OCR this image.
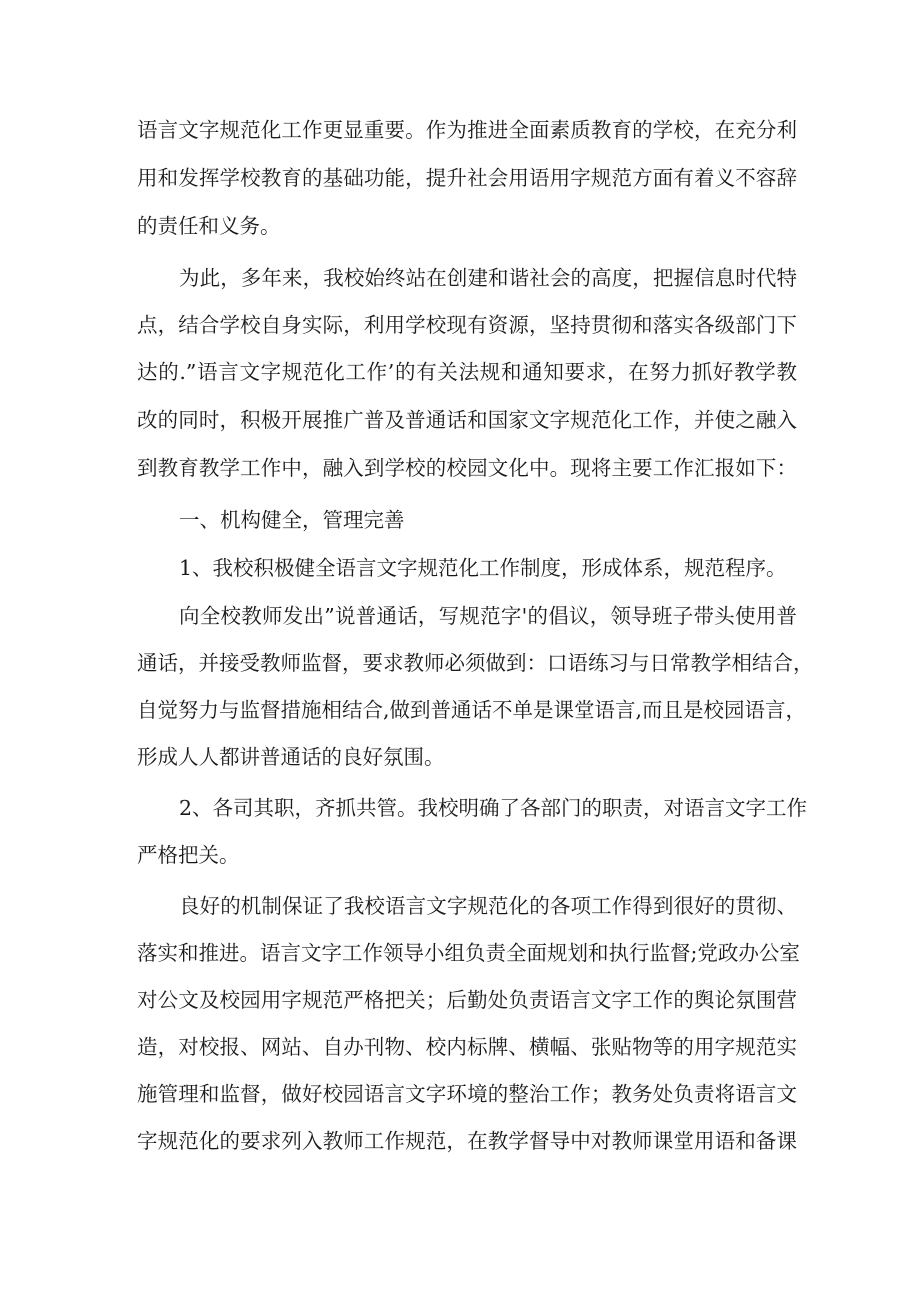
语言文字规范化工作更显重要。作为推进全面素质教育的学校，在充分利
用和发挥学校教育的基础功能，提升社会用语用字规范方面有着义不容辞
的责任和义务。
为此，多年来，我校始终站在创建和谐社会的高度，把握信息时代特
点，结合学校自身实际，利用学校现有资源，坚持贯彻和落实各级部门下
达的.”语言文字规范化工作’的有关法规和通知要求，在努力抓好教学教
改的同时，积极开展推广普及普通话和国家文字规范化工作，并使之融入
到教育教学工作中，融入到学校的校园文化中。现将主要工作汇报如下：
一、机构健全，管理完善
1、我校积极健全语言文字规范化工作制度，形成体系，规范程序。
向全校教师发出”说普通话，写规范字'的倡议，领导班子带头使用普
通话，并接受教师监督，要求教师必须做到：口语练习与日常教学相结合，
自觉努力与监督措施相结合,做到普通话不单是课堂语言,而且是校园语言，
形成人人都讲普通话的良好氛围。
2、各司其职，齐抓共管。我校明确了各部门的职责，对语言文字工作
严格把关。
良好的机制保证了我校语言文字规范化的各项工作得到很好的贯彻、
落实和推进。语言文字工作领导小组负责全面规划和执行监督;党政办公室
对公文及校园用字规范严格把关；后勤处负责语言文字工作的舆论氛围营
造，对校报、网站、自办刊物、校内标牌、横幅、张贴物等的用字规范实
施管理和监督，做好校园语言文字环境的整治工作；教务处负责将语言文
字规范化的要求列入教师工作规范，在教学督导中对教师课堂用语和备课
